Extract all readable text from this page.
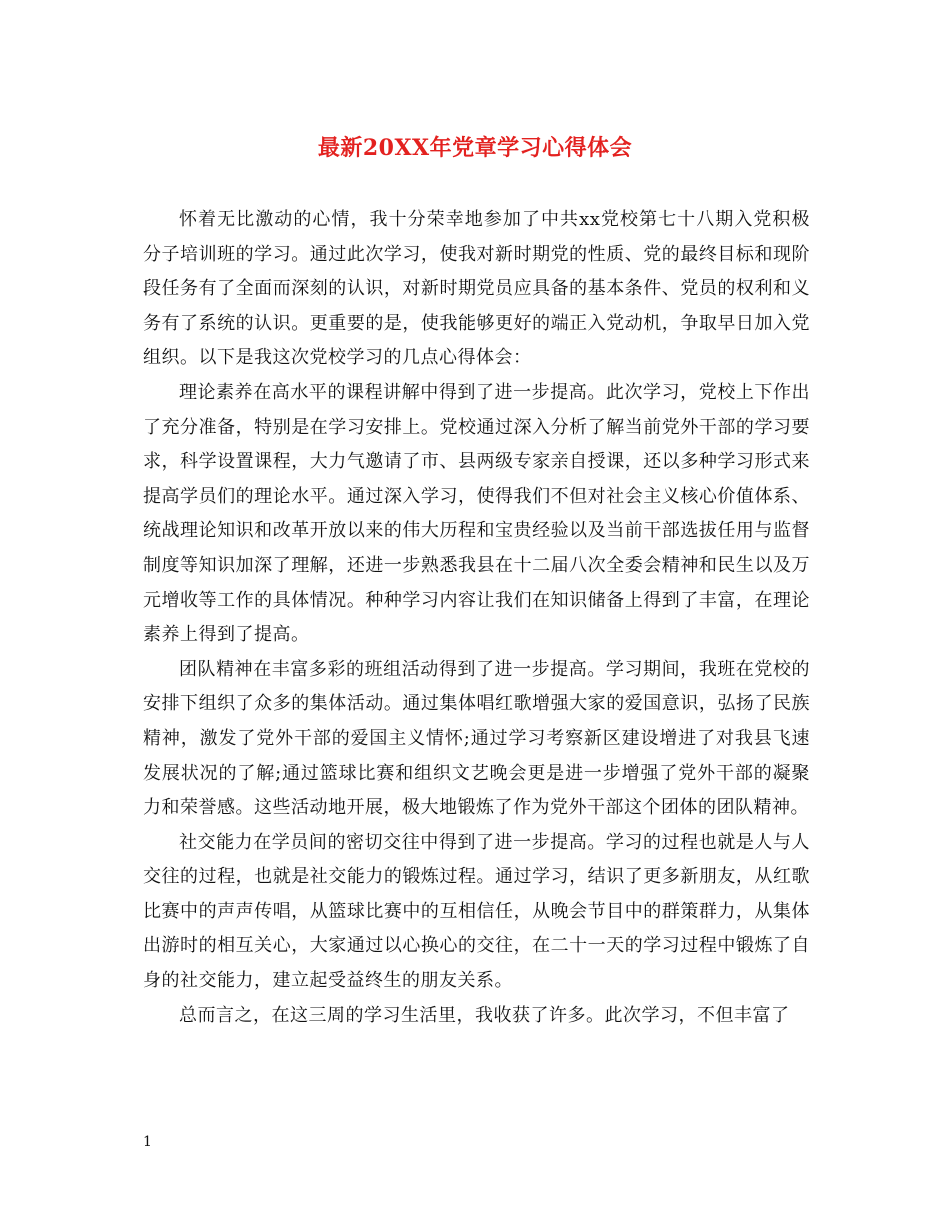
最新20XX年党章学习心得体会

怀着无比激动的心情，我十分荣幸地参加了中共xx党校第七十八期入党积极分子培训班的学习。通过此次学习，使我对新时期党的性质、党的最终目标和现阶段任务有了全面而深刻的认识，对新时期党员应具备的基本条件、党员的权利和义务有了系统的认识。更重要的是，使我能够更好的端正入党动机，争取早日加入党组织。以下是我这次党校学习的几点心得体会：

理论素养在高水平的课程讲解中得到了进一步提高。此次学习，党校上下作出了充分准备，特别是在学习安排上。党校通过深入分析了解当前党外干部的学习要求，科学设置课程，大力气邀请了市、县两级专家亲自授课，还以多种学习形式来提高学员们的理论水平。通过深入学习，使得我们不但对社会主义核心价值体系、统战理论知识和改革开放以来的伟大历程和宝贵经验以及当前干部选拔任用与监督制度等知识加深了理解，还进一步熟悉我县在十二届八次全委会精神和民生以及万元增收等工作的具体情况。种种学习内容让我们在知识储备上得到了丰富，在理论素养上得到了提高。

团队精神在丰富多彩的班组活动得到了进一步提高。学习期间，我班在党校的安排下组织了众多的集体活动。通过集体唱红歌增强大家的爱国意识，弘扬了民族精神，激发了党外干部的爱国主义情怀;通过学习考察新区建设增进了对我县飞速发展状况的了解;通过篮球比赛和组织文艺晚会更是进一步增强了党外干部的凝聚力和荣誉感。这些活动地开展，极大地锻炼了作为党外干部这个团体的团队精神。

社交能力在学员间的密切交往中得到了进一步提高。学习的过程也就是人与人交往的过程，也就是社交能力的锻炼过程。通过学习，结识了更多新朋友，从红歌比赛中的声声传唱，从篮球比赛中的互相信任，从晚会节目中的群策群力，从集体出游时的相互关心，大家通过以心换心的交往，在二十一天的学习过程中锻炼了自身的社交能力，建立起受益终生的朋友关系。

总而言之，在这三周的学习生活里，我收获了许多。此次学习，不但丰富了

1
